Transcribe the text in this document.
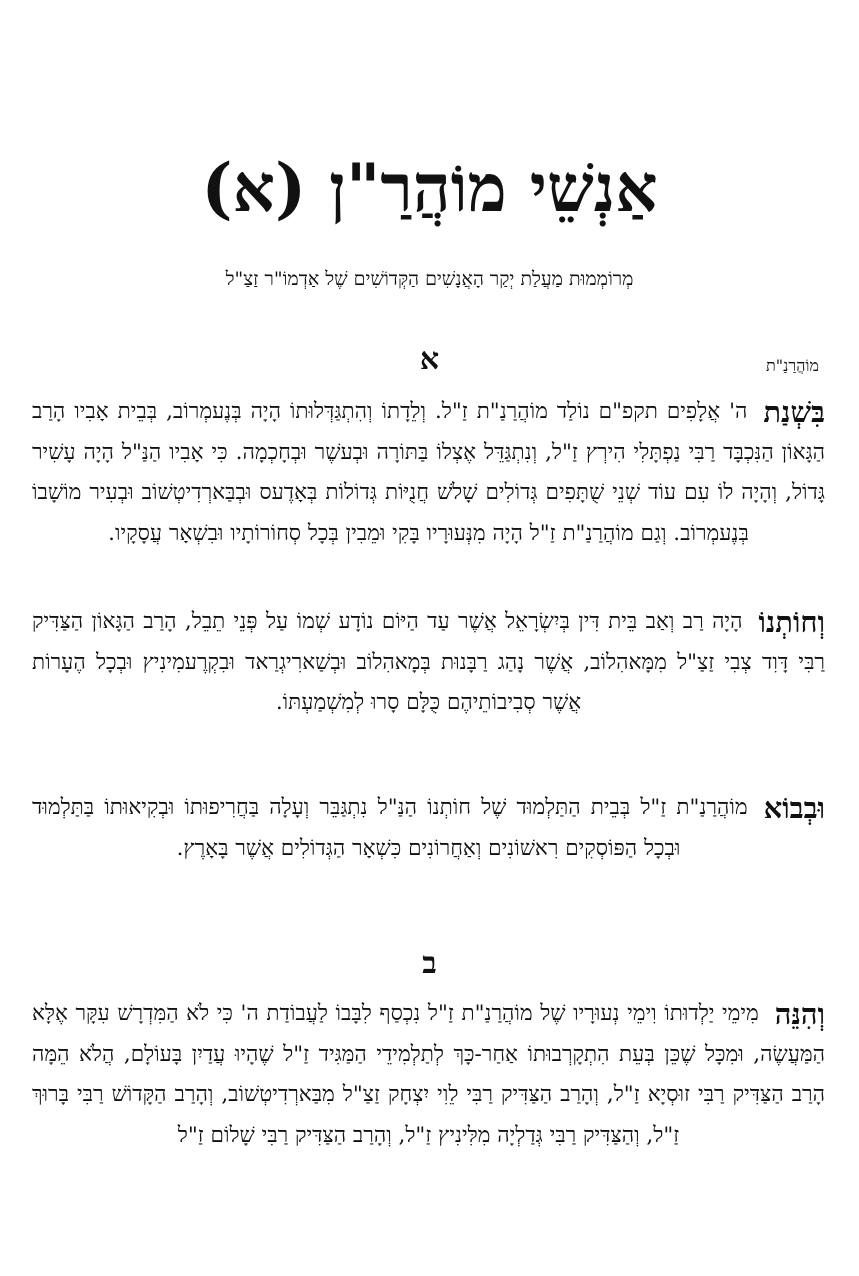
אַנְשֵׁי מוֹהֲרַ"ן (א)
מְרוֹמְמוּת מַעֲלַת יְקַר הָאֲנָשִׁים הַקְּדוֹשִׁים שֶׁל אַדְמוֹ"ר זַצַ"ל
א	מוֹהֲרַנַ"ת
בִּשְׁנַת
ה' אֲלָפִים תקפ"ם נוֹלַד מוֹהֲרַנַ"ת זַ"ל. וְלֵדָתוֹ וְהִתְגַּדְּלוּתוֹ הָיָה בְּנֶעמְרוֹב, בְּבֵית אָבִיו הָרַב הַגָּאוֹן הַנִּכְבָּד רַבִּי נַפְתָּלִי הִירְץ זַ"ל, וְנִתְגַּדֵּל אֶצְלוֹ בַּתּוֹרָה וּבְעשֶׁר וּבְחָכְמָה. כִּי אָבִיו הַנַּ"ל הָיָה עָשִׁיר גָּדוֹל, וְהָיָה לוֹ עִם עוֹד שְׁנֵי שֻׁתָּפִים גְּדוֹלִים שָׁלֹשׁ חֲנֻיּוֹת גְּדוֹלוֹת בְּאָדֶעס וּבְבַּארְדִיטְשׁוֹב וּבְעִיר מוֹשָׁבוֹ בְּנֶעמְרוֹב. וְגַם מוֹהֲרַנַ"ת זַ"ל הָיָה מִנְּעוּרָיו בָּקִי וּמֵבִין בְּכָל סְחוֹרוֹתָיו וּבִשְׁאָר עֲסָקָיו.
וְחוֹתְנוֹ
הָיָה רַב וְאַב בֵּית דִּין בְּיִשְׂרָאֵל אֲשֶׁר עַד הַיּוֹם נוֹדָע שְׁמוֹ עַל פְּנֵי תֵבֵל, הָרַב הַגָּאוֹן הַצַּדִּיק רַבִּי דָּוִד צְבִי זַצַ"ל מִמָּאהִלוֹב, אֲשֶׁר נָהַג רַבָּנוּת בְּמָאהִלוֹב וּבְשַׁארִיגְרַאד וּבִקְרֶעמִינִיץ וּבְכָל הֶעָרוֹת אֲשֶׁר סְבִיבוֹתֵיהֶם כֻּלָּם סָרוּ לְמִשְׁמַעְתּוֹ.
וּבְבוֹא
מוֹהֲרַנַ"ת זַ"ל בְּבֵית הַתַּלְמוּד שֶׁל חוֹתְנוֹ הַנַּ"ל נִתְגַּבֵּר וְעָלָה בַּחֲרִיפוּתוֹ וּבְקִיאוּתוֹ בַּתַּלְמוּד וּבְכָל הַפּוֹסְקִים רִאשׁוֹנִים וְאַחֲרוֹנִים כִּשְׁאָר הַגְּדוֹלִים אֲשֶׁר בָּאָרֶץ.
ב
וְהִנֵּה
מִימֵי יַלְדוּתוֹ וִימֵי נְעוּרָיו שֶׁל מוֹהֲרַנַ"ת זַ"ל נִכְסַף לִבָּבוֹ לַעֲבוֹדַת ה' כִּי לֹא הַמִּדְרָשׁ עִקָּר אֶלָּא הַמַּעֲשֶׂה, וּמִכָּל שֶׁכֵּן בְּעֵת הִתְקָרְבוּתוֹ אַחַר-כָּךְ לְתַלְמִידֵי הַמַּגִּיד זַ"ל שֶׁהָיוּ עֲדַיִן בָּעוֹלָם, הֲלֹא הֵמָּה הָרַב הַצַּדִּיק רַבִּי זוּסְיָא זַ"ל, וְהָרַב הַצַּדִּיק רַבִּי לֵוִי יִצְחָק זַצַ"ל מִבַּארְדִיטְשׁוֹב, וְהָרַב הַקָּדוֹשׁ רַבִּי בָּרוּךְ זַ"ל, וְהַצַּדִּיק רַבִּי גְּדַלְיָה מִלִּינִיץ זַ"ל, וְהָרַב הַצַּדִּיק רַבִּי שָׁלוֹם זַ"ל
